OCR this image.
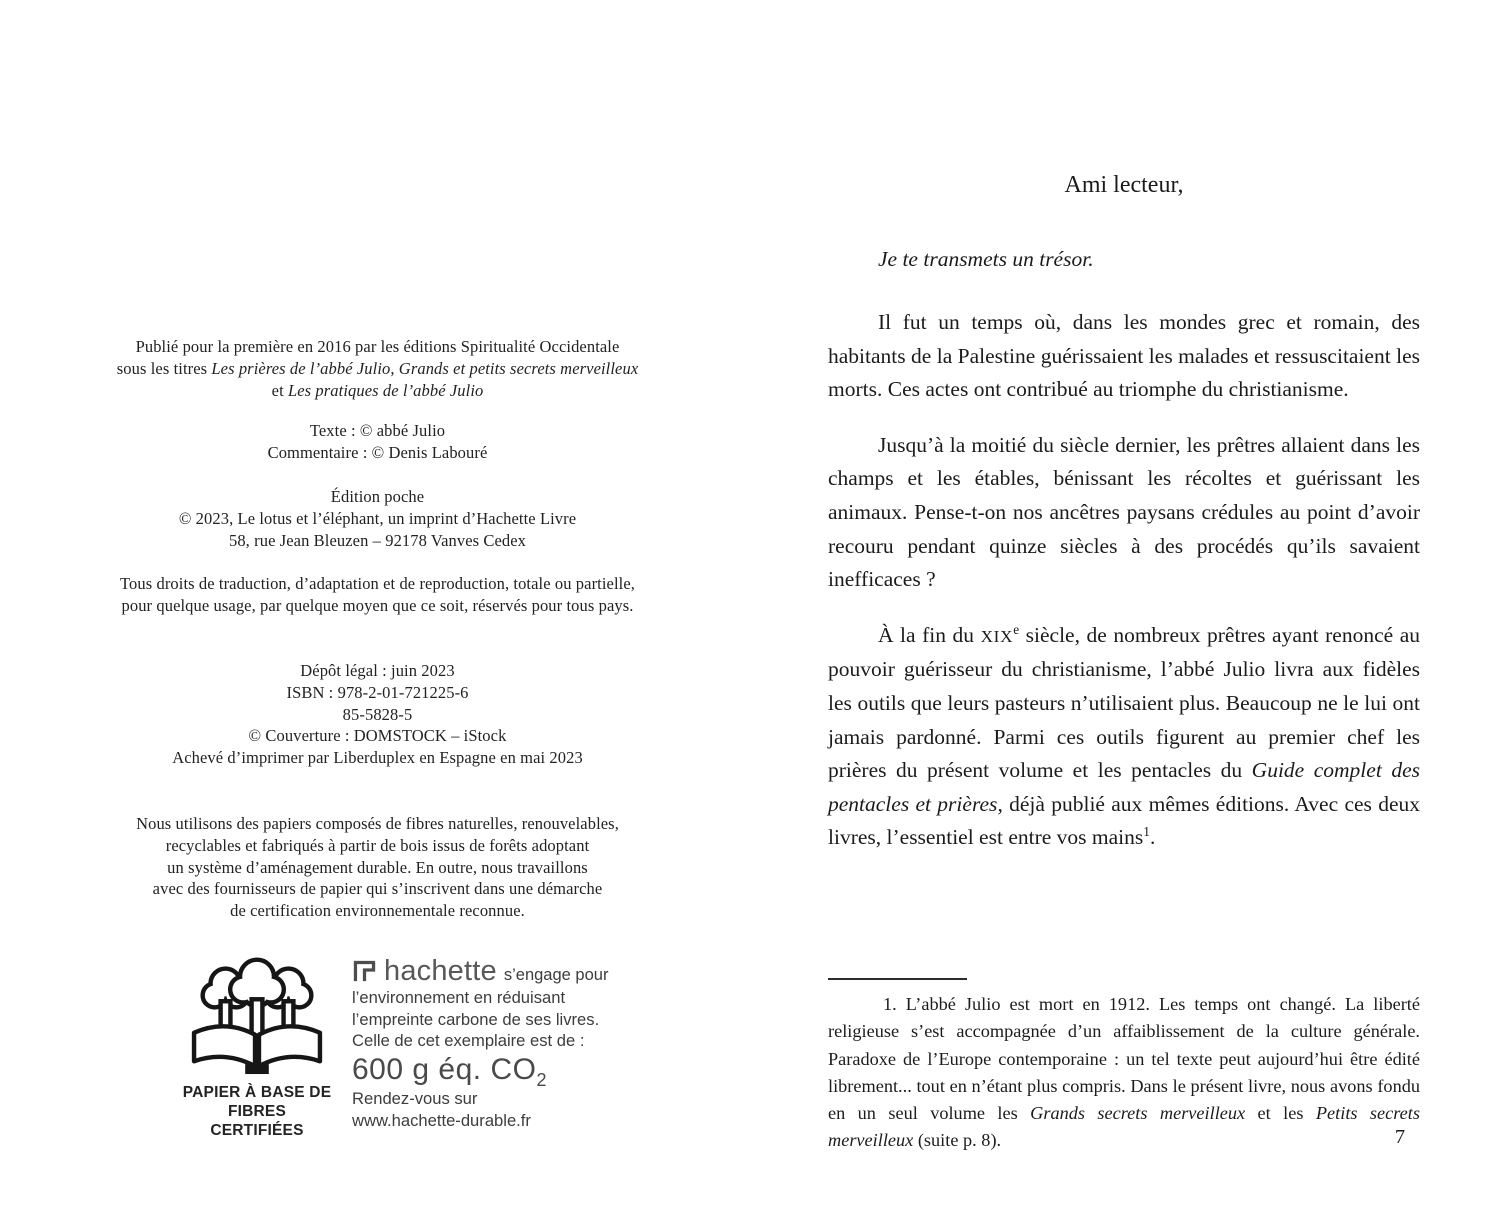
Publié pour la première en 2016 par les éditions Spiritualité Occidentale
sous les titres Les prières de l’abbé Julio, Grands et petits secrets merveilleux
et Les pratiques de l’abbé Julio
Texte : © abbé Julio
Commentaire : © Denis Labouré
Édition poche
© 2023, Le lotus et l’éléphant, un imprint d’Hachette Livre
58, rue Jean Bleuzen – 92178 Vanves Cedex
Tous droits de traduction, d’adaptation et de reproduction, totale ou partielle,
pour quelque usage, par quelque moyen que ce soit, réservés pour tous pays.
Dépôt légal : juin 2023
ISBN : 978-2-01-721225-6
85-5828-5
© Couverture : DOMSTOCK – iStock
Achevé d’imprimer par Liberduplex en Espagne en mai 2023
Nous utilisons des papiers composés de fibres naturelles, renouvelables,
recyclables et fabriqués à partir de bois issus de forêts adoptant
un système d’aménagement durable. En outre, nous travaillons
avec des fournisseurs de papier qui s’inscrivent dans une démarche
de certification environnementale reconnue.
PAPIER À BASE DE
FIBRES CERTIFIÉES
hachette s’engage pour
l’environnement en réduisant
l’empreinte carbone de ses livres.
Celle de cet exemplaire est de :
600 g éq. $CO_2$
Rendez-vous sur
www.hachette-durable.fr
Ami lecteur,
Je te transmets un trésor.

Il fut un temps où, dans les mondes grec et romain, des habitants de la Palestine guérissaient les malades et ressuscitaient les morts. Ces actes ont contribué au triomphe du christianisme.

Jusqu’à la moitié du siècle dernier, les prêtres allaient dans les champs et les étables, bénissant les récoltes et guérissant les animaux. Pense-t-on nos ancêtres paysans crédules au point d’avoir recouru pendant quinze siècles à des procédés qu’ils savaient inefficaces ?

À la fin du XIXe siècle, de nombreux prêtres ayant renoncé au pouvoir guérisseur du christianisme, l’abbé Julio livra aux fidèles les outils que leurs pasteurs n’utilisaient plus. Beaucoup ne le lui ont jamais pardonné. Parmi ces outils figurent au premier chef les prières du présent volume et les pentacles du Guide complet des pentacles et prières, déjà publié aux mêmes éditions. Avec ces deux livres, l’essentiel est entre vos mains$^1$.

1. L’abbé Julio est mort en 1912. Les temps ont changé. La liberté religieuse s’est accompagnée d’un affaiblissement de la culture générale. Paradoxe de l’Europe contemporaine : un tel texte peut aujourd’hui être édité librement... tout en n’étant plus compris. Dans le présent livre, nous avons fondu en un seul volume les Grands secrets merveilleux et les Petits secrets merveilleux (suite p. 8).	7
